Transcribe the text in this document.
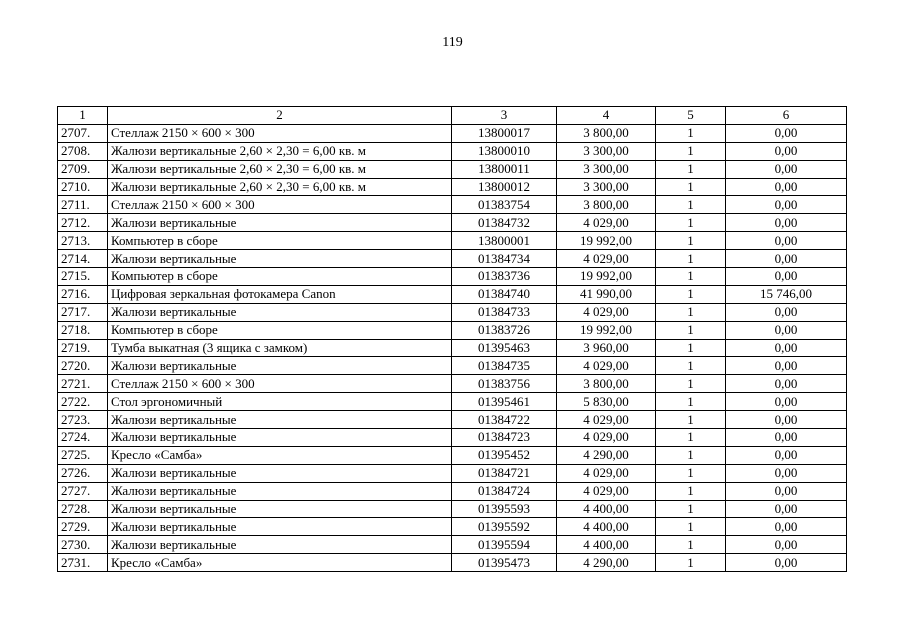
119
1	2	3	4	5	6
2707.	Стеллаж 2150 × 600 × 300	13800017	3 800,00	1	0,00
2708.	Жалюзи вертикальные 2,60 × 2,30 = 6,00 кв. м	13800010	3 300,00	1	0,00
2709.	Жалюзи вертикальные 2,60 × 2,30 = 6,00 кв. м	13800011	3 300,00	1	0,00
2710.	Жалюзи вертикальные 2,60 × 2,30 = 6,00 кв. м	13800012	3 300,00	1	0,00
2711.	Стеллаж 2150 × 600 × 300	01383754	3 800,00	1	0,00
2712.	Жалюзи вертикальные	01384732	4 029,00	1	0,00
2713.	Компьютер в сборе	13800001	19 992,00	1	0,00
2714.	Жалюзи вертикальные	01384734	4 029,00	1	0,00
2715.	Компьютер в сборе	01383736	19 992,00	1	0,00
2716.	Цифровая зеркальная фотокамера Canon	01384740	41 990,00	1	15 746,00
2717.	Жалюзи вертикальные	01384733	4 029,00	1	0,00
2718.	Компьютер в сборе	01383726	19 992,00	1	0,00
2719.	Тумба выкатная (3 ящика с замком)	01395463	3 960,00	1	0,00
2720.	Жалюзи вертикальные	01384735	4 029,00	1	0,00
2721.	Стеллаж 2150 × 600 × 300	01383756	3 800,00	1	0,00
2722.	Стол эргономичный	01395461	5 830,00	1	0,00
2723.	Жалюзи вертикальные	01384722	4 029,00	1	0,00
2724.	Жалюзи вертикальные	01384723	4 029,00	1	0,00
2725.	Кресло «Самба»	01395452	4 290,00	1	0,00
2726.	Жалюзи вертикальные	01384721	4 029,00	1	0,00
2727.	Жалюзи вертикальные	01384724	4 029,00	1	0,00
2728.	Жалюзи вертикальные	01395593	4 400,00	1	0,00
2729.	Жалюзи вертикальные	01395592	4 400,00	1	0,00
2730.	Жалюзи вертикальные	01395594	4 400,00	1	0,00
2731.	Кресло «Самба»	01395473	4 290,00	1	0,00
